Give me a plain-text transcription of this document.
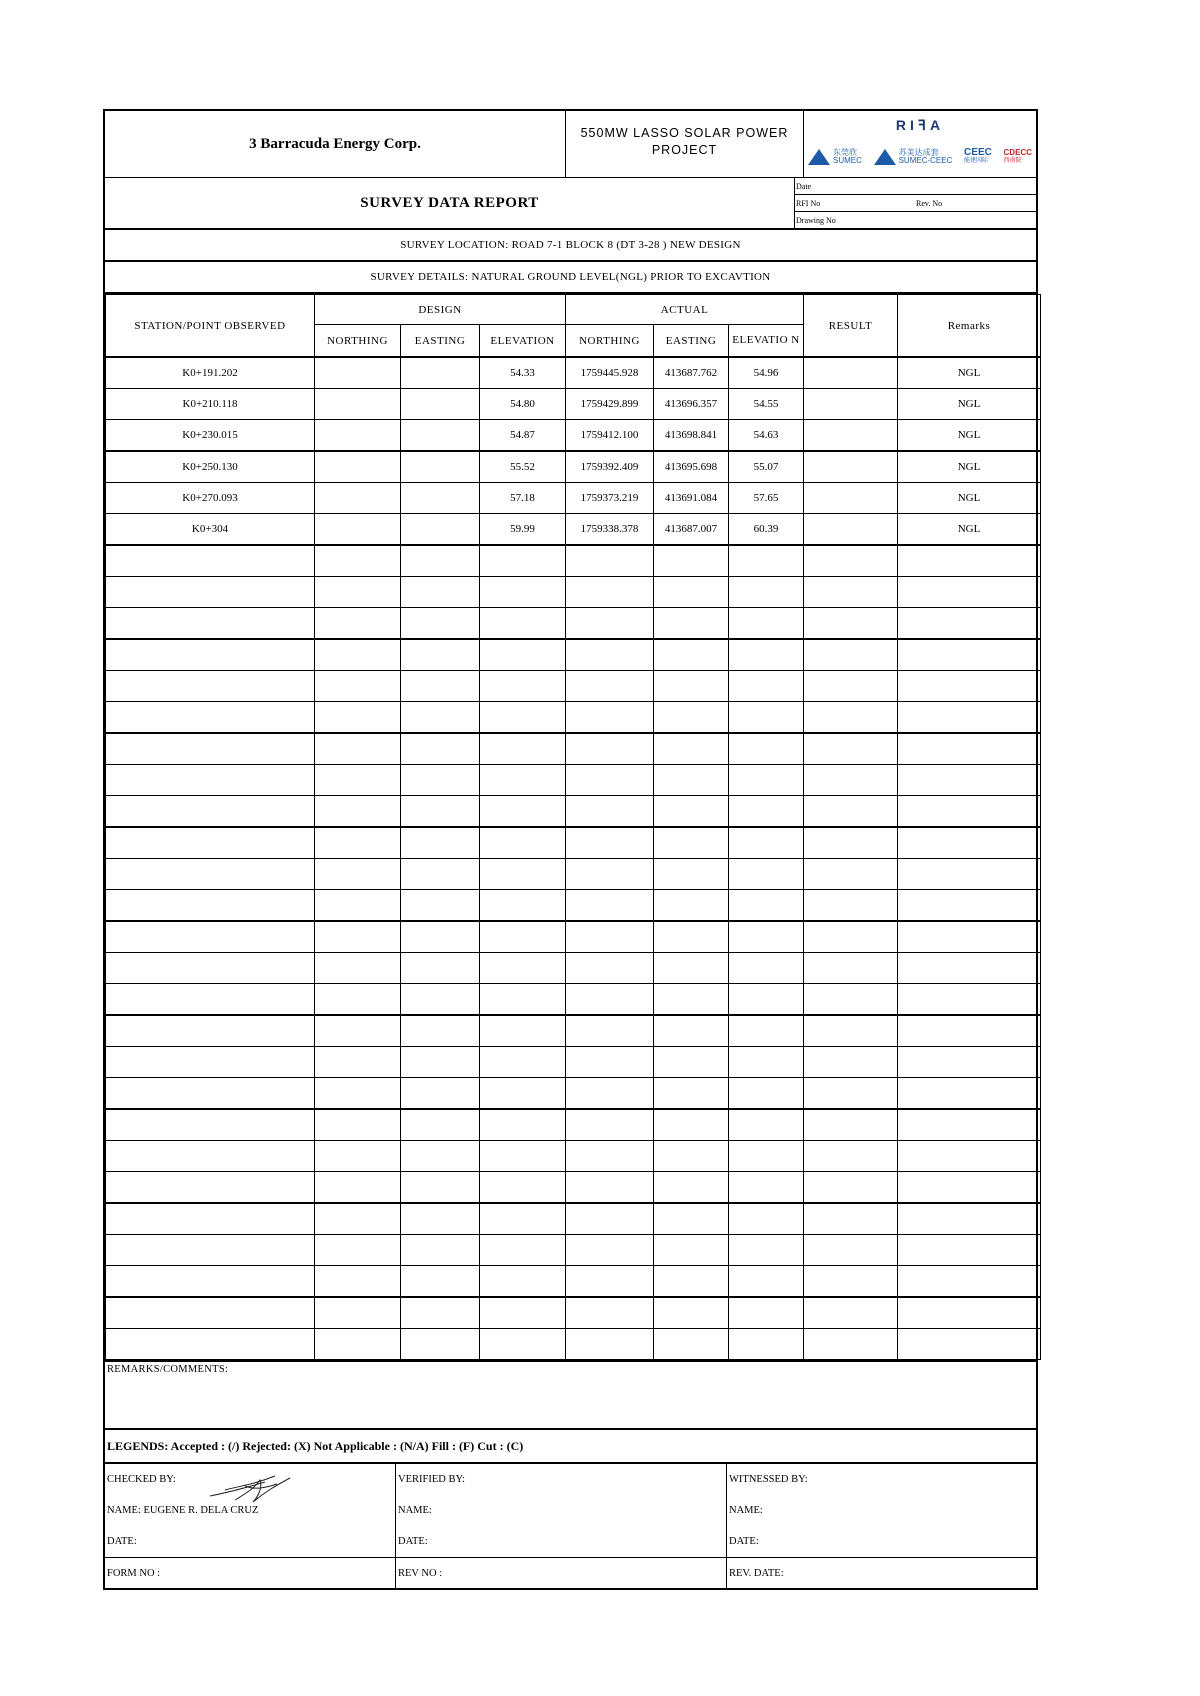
3 Barracuda Energy Corp.
550MW LASSO SOLAR POWER PROJECT
RIꟻA
东莞欣
SUMEC
苏美达成套
SUMEC-CEEC
CEEC
能建国际
CDECC
西南院
SURVEY DATA REPORT
Date
RFI No	Rev. No
Drawing No
SURVEY LOCATION: ROAD 7-1 BLOCK 8 (DT 3-28 ) NEW DESIGN
SURVEY DETAILS: NATURAL GROUND LEVEL(NGL) PRIOR TO EXCAVTION
STATION/POINT OBSERVED	DESIGN			ACTUAL			RESULT	Remarks
	NORTHING	EASTING	ELEVATION	NORTHING	EASTING	ELEVATIO N		
K0+191.202			54.33	1759445.928	413687.762	54.96		NGL
K0+210.118			54.80	1759429.899	413696.357	54.55		NGL
K0+230.015			54.87	1759412.100	413698.841	54.63		NGL
K0+250.130			55.52	1759392.409	413695.698	55.07		NGL
K0+270.093			57.18	1759373.219	413691.084	57.65		NGL
K0+304			59.99	1759338.378	413687.007	60.39		NGL

REMARKS/COMMENTS:
LEGENDS: Accepted : (/) Rejected: (X) Not Applicable : (N/A) Fill : (F) Cut : (C)
CHECKED BY:
NAME: EUGENE R. DELA CRUZ
DATE:
FORM NO :
VERIFIED BY:
NAME:
DATE:
REV NO :
WITNESSED BY:
NAME:
DATE:
REV. DATE:
